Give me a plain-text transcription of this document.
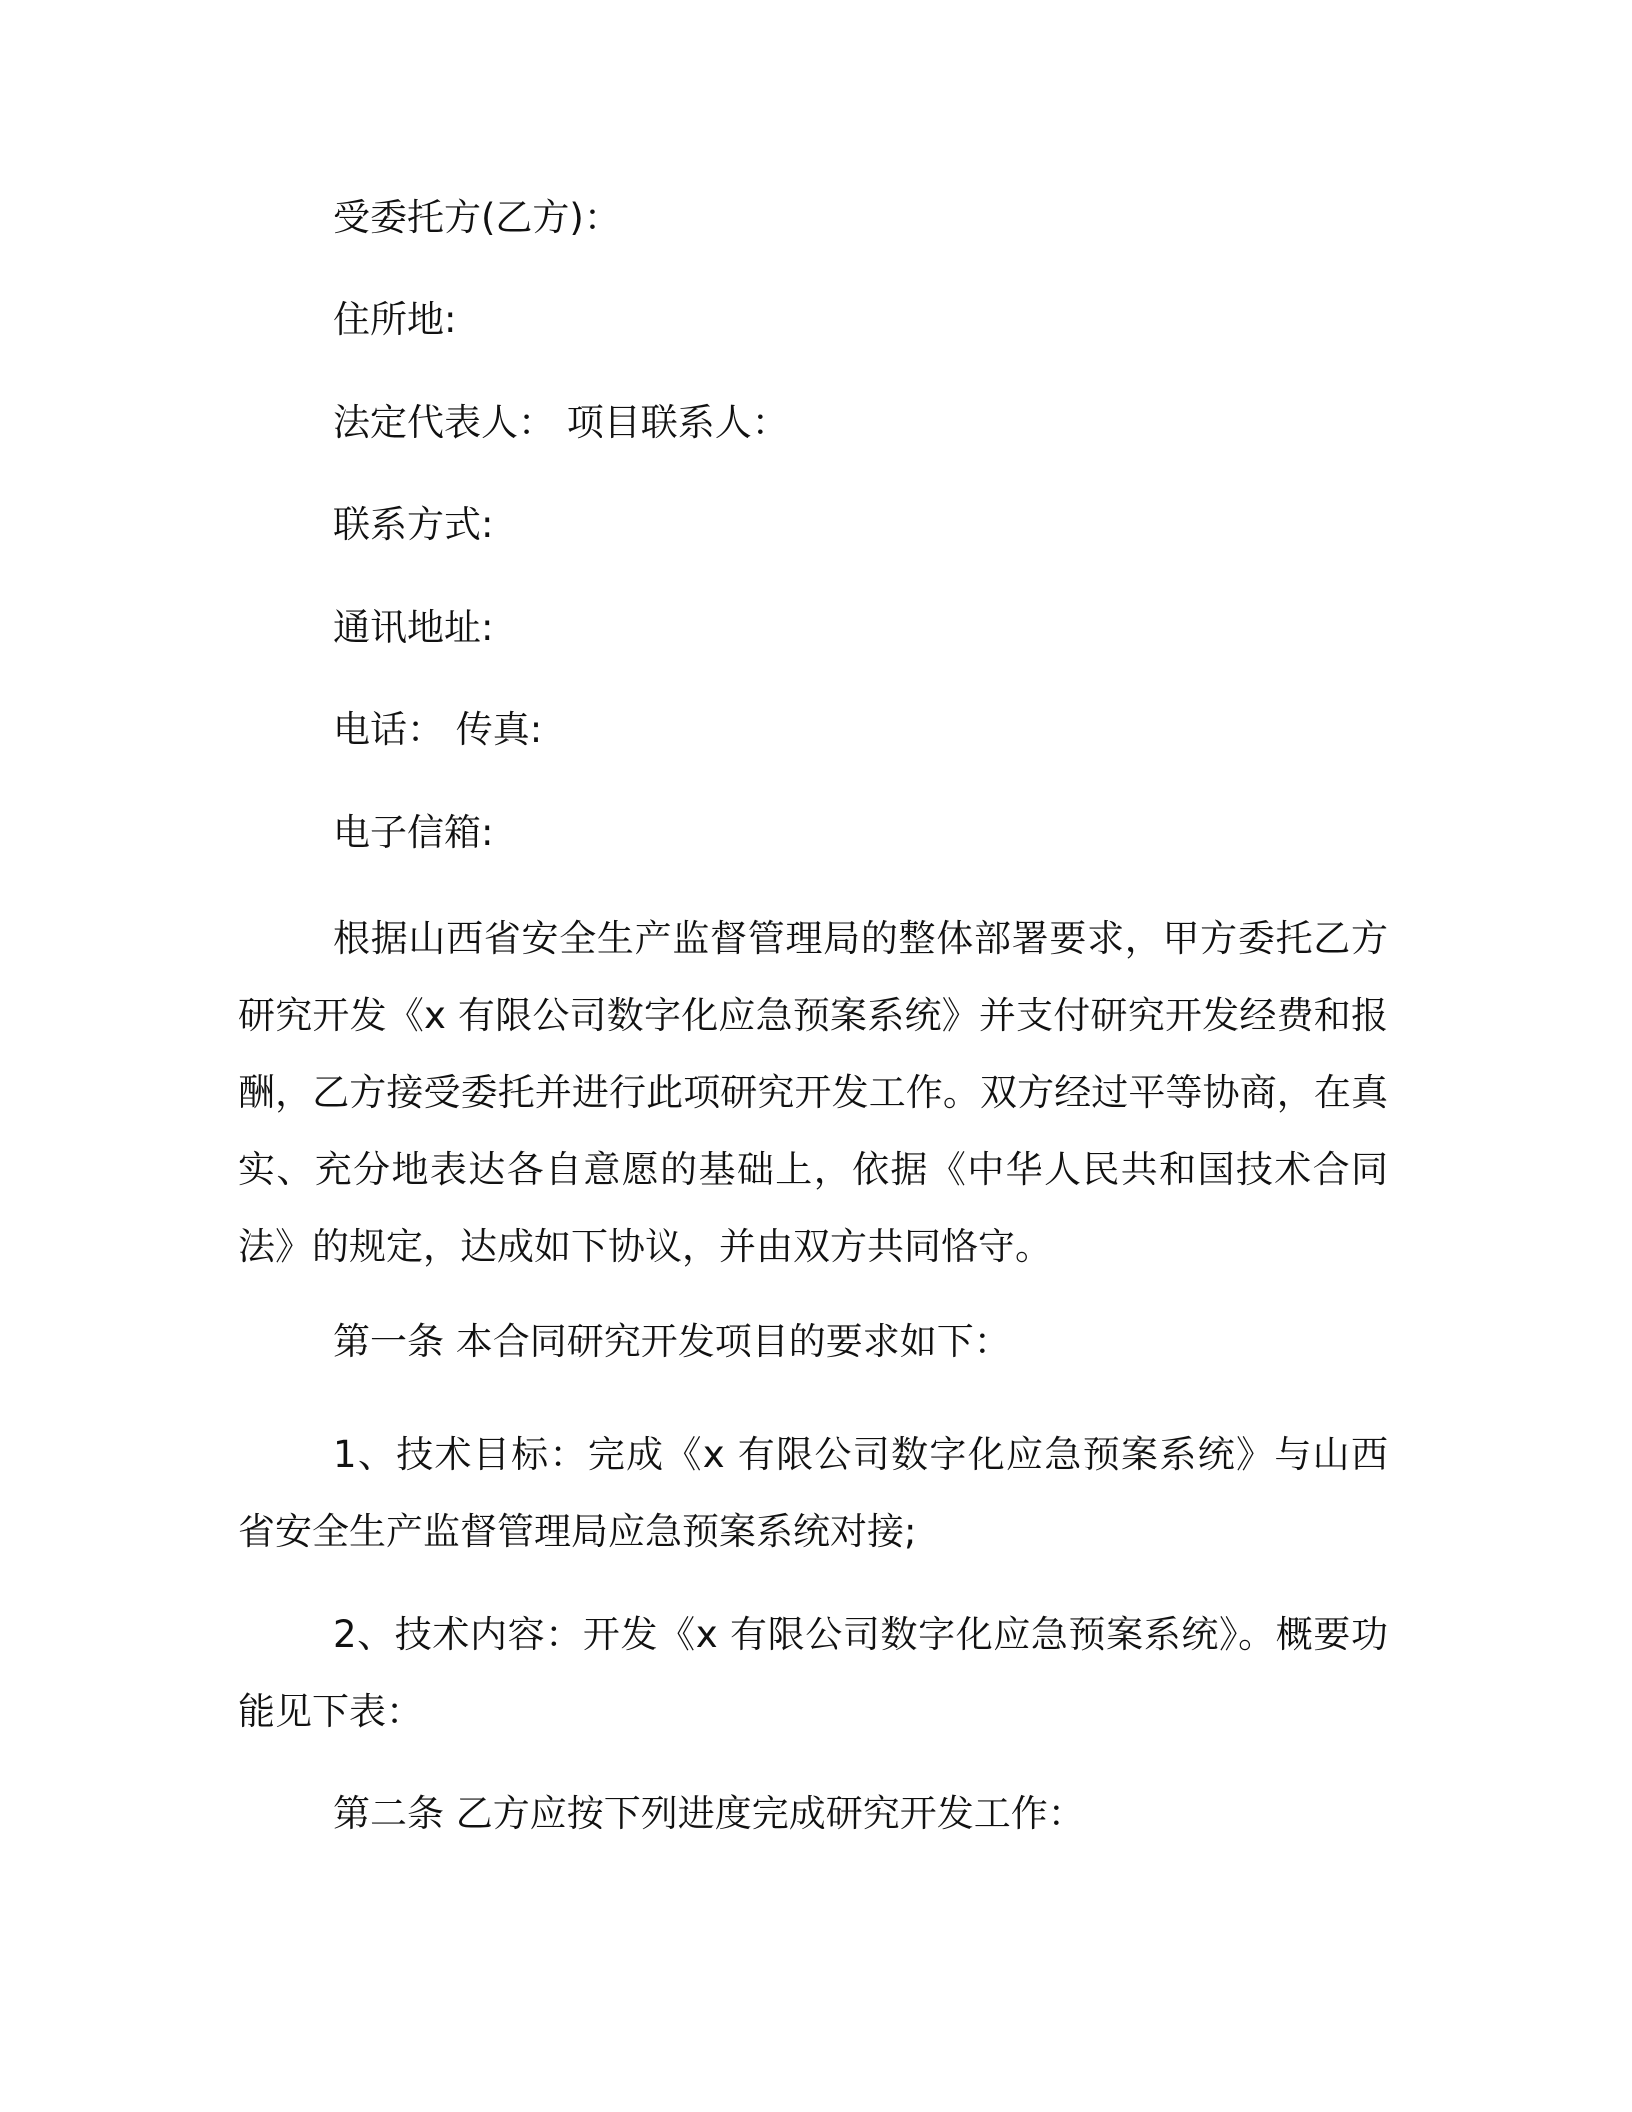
受委托方(乙方)：

住所地:

法定代表人： 项目联系人：

联系方式:

通讯地址:

电话： 传真:

电子信箱:

根据山西省安全生产监督管理局的整体部署要求，甲方委托乙方研究开发《x 有限公司数字化应急预案系统》并支付研究开发经费和报酬，乙方接受委托并进行此项研究开发工作。双方经过平等协商，在真实、充分地表达各自意愿的基础上，依据《中华人民共和国技术合同法》的规定，达成如下协议，并由双方共同恪守。

第一条 本合同研究开发项目的要求如下：

1、技术目标：完成《x 有限公司数字化应急预案系统》与山西省安全生产监督管理局应急预案系统对接;

2、技术内容：开发《x 有限公司数字化应急预案系统》。概要功能见下表：

第二条 乙方应按下列进度完成研究开发工作：
